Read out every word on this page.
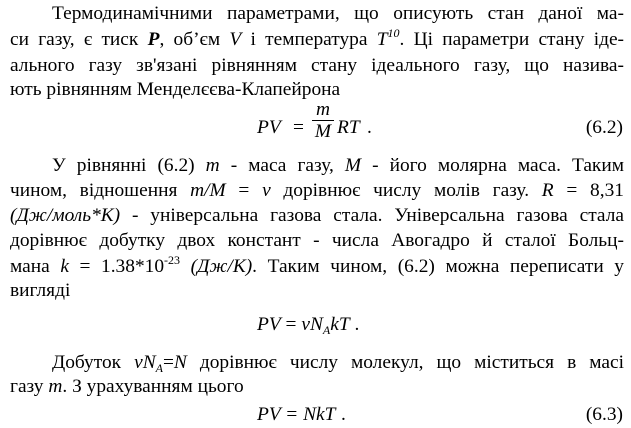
Термодинамічними параметрами, що описують стан даної ма-
си газу, є тиск P, об’єм V і температура $T^{10}$. Ці параметри стану іде-
ального газу зв'язані рівнянням стану ідеального газу, що назива-
ють рівнянням Менделєєва-Клапейрона
PV =
m
M RT .	(6.2)
У рівнянні (6.2) m - маса газу, M - його молярна маса. Таким
чином, відношення m/M = ν дорівнює числу молів газу. R = 8,31
(Дж/моль*К) - універсальна газова стала. Універсальна газова стала
дорівнює добутку двох констант - числа Авогадро й сталої Больц-
мана $k = 1.38*10^{-23}$ (Дж/К). Таким чином, (6.2) можна переписати у
вигляді
PV = $\nu N_AkT$ .
Добуток $\nu N_A=N$ дорівнює числу молекул, що міститься в масі
газу m. З урахуванням цього
PV = NkT .	(6.3)
